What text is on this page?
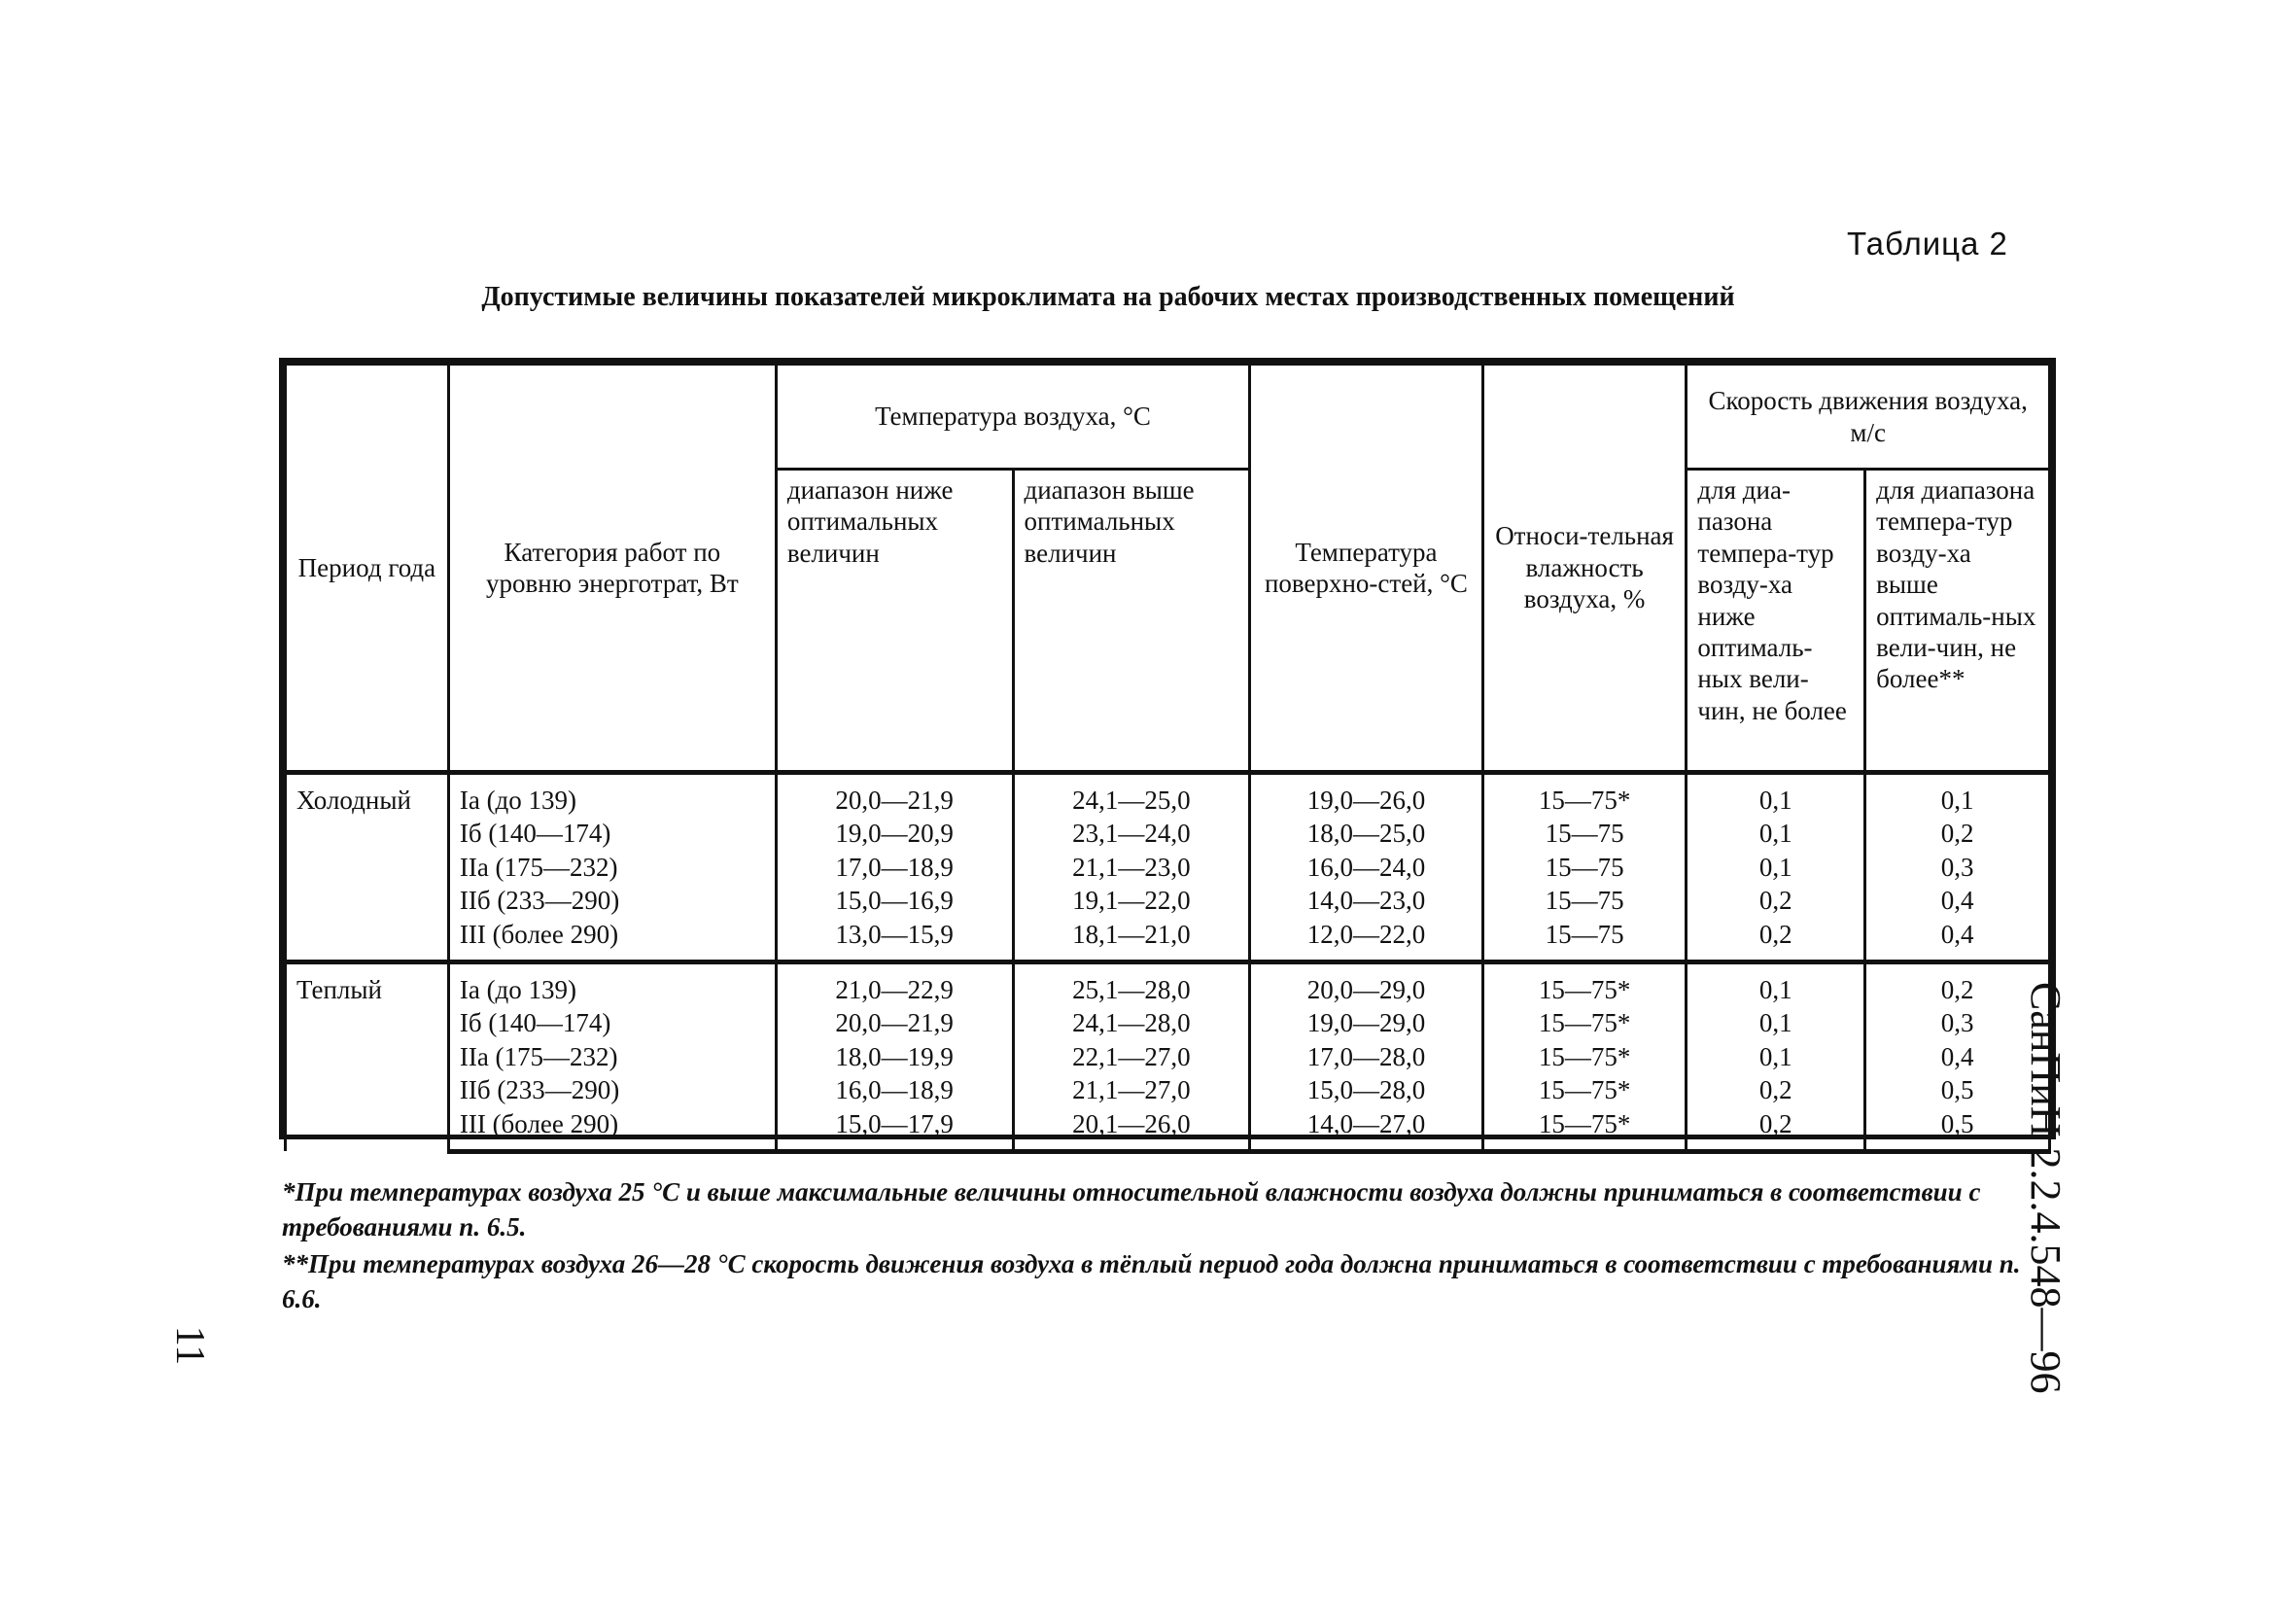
Таблица 2
Допустимые величины показателей микроклимата на рабочих местах производственных помещений
Период года	Категория работ по уровню энерготрат, Вт	Температура воздуха, °C		Температура поверхно-стей, °C	Относи-тельная влажность воздуха, %	Скорость движения воздуха, м/с	
		диапазон ниже оптимальных величин	диапазон выше оптимальных величин			для диа-пазона темпера-тур возду-ха ниже оптималь-ных вели-чин, не более	для диапазона темпера-тур возду-ха выше оптималь-ных вели-чин, не более**
Холодный	Ia (до 139)	20,0—21,9	24,1—25,0	19,0—26,0	15—75*	0,1	0,1
	Iб (140—174)	19,0—20,9	23,1—24,0	18,0—25,0	15—75	0,1	0,2
	IIa (175—232)	17,0—18,9	21,1—23,0	16,0—24,0	15—75	0,1	0,3
	IIб (233—290)	15,0—16,9	19,1—22,0	14,0—23,0	15—75	0,2	0,4
	III (более 290)	13,0—15,9	18,1—21,0	12,0—22,0	15—75	0,2	0,4
Теплый	Ia (до 139)	21,0—22,9	25,1—28,0	20,0—29,0	15—75*	0,1	0,2
	Iб (140—174)	20,0—21,9	24,1—28,0	19,0—29,0	15—75*	0,1	0,3
	IIa (175—232)	18,0—19,9	22,1—27,0	17,0—28,0	15—75*	0,1	0,4
	IIб (233—290)	16,0—18,9	21,1—27,0	15,0—28,0	15—75*	0,2	0,5
	III (более 290)	15,0—17,9	20,1—26,0	14,0—27,0	15—75*	0,2	0,5
*При температурах воздуха 25 °C и выше максимальные величины относительной влажности воздуха должны приниматься в соответствии с требованиями п. 6.5.
**При температурах воздуха 26—28 °C скорость движения воздуха в тёплый период года должна приниматься в соответствии с требованиями п. 6.6.	СанПиН 2.2.4.548—96
11
